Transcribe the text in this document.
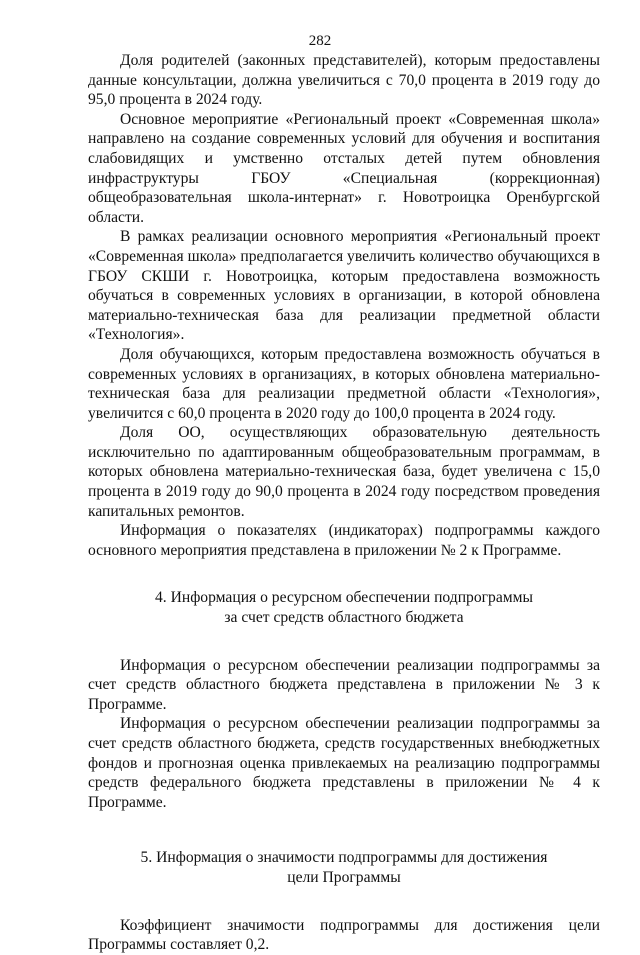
282

Доля родителей (законных представителей), которым предоставлены данные консультации, должна увеличиться с 70,0 процента в 2019 году до 95,0 процента в 2024 году.

Основное мероприятие «Региональный проект «Современная школа» направлено на создание современных условий для обучения и воспитания слабовидящих и умственно отсталых детей путем обновления инфраструктуры ГБОУ «Специальная (коррекционная) общеобразовательная школа-интернат» г. Новотроицка Оренбургской области.

В рамках реализации основного мероприятия «Региональный проект «Современная школа» предполагается увеличить количество обучающихся в ГБОУ СКШИ г. Новотроицка, которым предоставлена возможность обучаться в современных условиях в организации, в которой обновлена материально-техническая база для реализации предметной области «Технология».

Доля обучающихся, которым предоставлена возможность обучаться в современных условиях в организациях, в которых обновлена материально-техническая база для реализации предметной области «Технология», увеличится с 60,0 процента в 2020 году до 100,0 процента в 2024 году.

Доля ОО, осуществляющих образовательную деятельность исключительно по адаптированным общеобразовательным программам, в которых обновлена материально-техническая база, будет увеличена с 15,0 процента в 2019 году до 90,0 процента в 2024 году посредством проведения капитальных ремонтов.

Информация о показателях (индикаторах) подпрограммы каждого основного мероприятия представлена в приложении № 2 к Программе.

4. Информация о ресурсном обеспечении подпрограммы
за счет средств областного бюджета

Информация о ресурсном обеспечении реализации подпрограммы за счет средств областного бюджета представлена в приложении № 3 к Программе.

Информация о ресурсном обеспечении реализации подпрограммы за счет средств областного бюджета, средств государственных внебюджетных фондов и прогнозная оценка привлекаемых на реализацию подпрограммы средств федерального бюджета представлены в приложении № 4 к Программе.

5. Информация о значимости подпрограммы для достижения
цели Программы

Коэффициент значимости подпрограммы для достижения цели Программы составляет 0,2.
